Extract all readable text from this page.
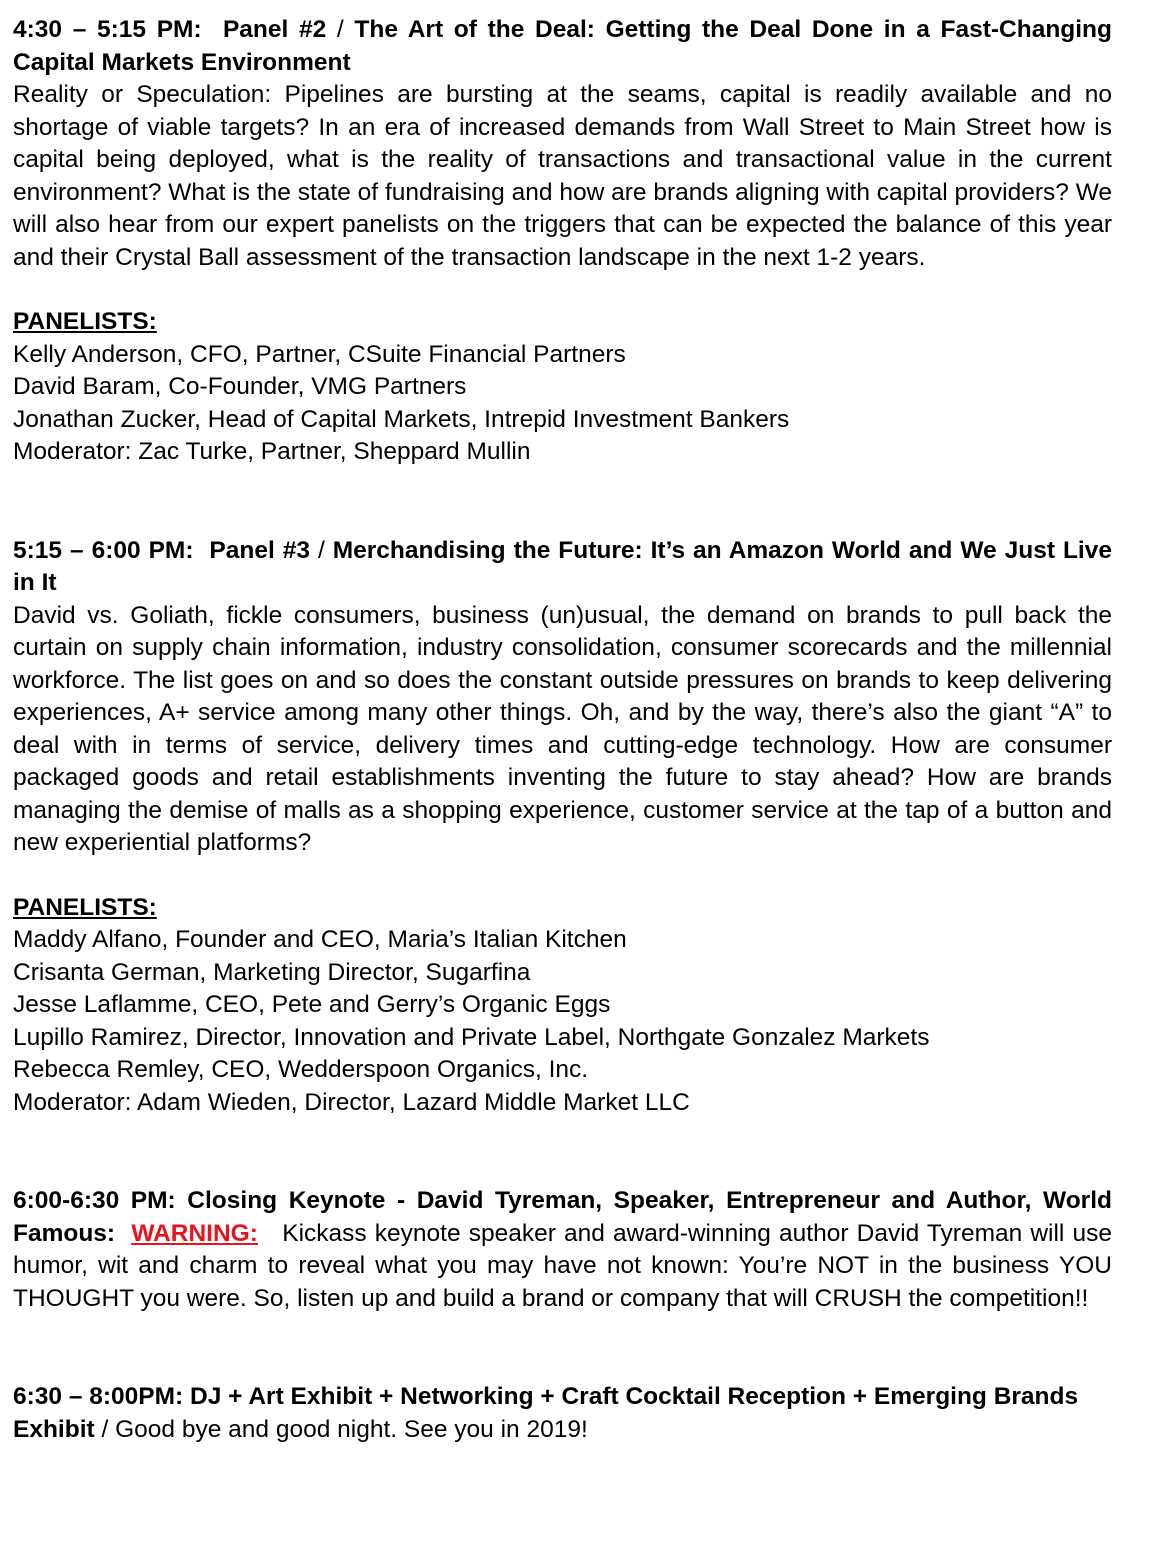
4:30 – 5:15 PM: Panel #2 / The Art of the Deal: Getting the Deal Done in a Fast-Changing Capital Markets Environment

Reality or Speculation: Pipelines are bursting at the seams, capital is readily available and no shortage of viable targets? In an era of increased demands from Wall Street to Main Street how is capital being deployed, what is the reality of transactions and transactional value in the current environment? What is the state of fundraising and how are brands aligning with capital providers? We will also hear from our expert panelists on the triggers that can be expected the balance of this year and their Crystal Ball assessment of the transaction landscape in the next 1-2 years.

PANELISTS:

Kelly Anderson, CFO, Partner, CSuite Financial Partners

David Baram, Co-Founder, VMG Partners

Jonathan Zucker, Head of Capital Markets, Intrepid Investment Bankers

Moderator: Zac Turke, Partner, Sheppard Mullin

5:15 – 6:00 PM: Panel #3 / Merchandising the Future: It’s an Amazon World and We Just Live in It

David vs. Goliath, fickle consumers, business (un)usual, the demand on brands to pull back the curtain on supply chain information, industry consolidation, consumer scorecards and the millennial workforce. The list goes on and so does the constant outside pressures on brands to keep delivering experiences, A+ service among many other things. Oh, and by the way, there’s also the giant “A” to deal with in terms of service, delivery times and cutting-edge technology. How are consumer packaged goods and retail establishments inventing the future to stay ahead? How are brands managing the demise of malls as a shopping experience, customer service at the tap of a button and new experiential platforms?

PANELISTS:

Maddy Alfano, Founder and CEO, Maria’s Italian Kitchen

Crisanta German, Marketing Director, Sugarfina

Jesse Laflamme, CEO, Pete and Gerry’s Organic Eggs

Lupillo Ramirez, Director, Innovation and Private Label, Northgate Gonzalez Markets

Rebecca Remley, CEO, Wedderspoon Organics, Inc.

Moderator: Adam Wieden, Director, Lazard Middle Market LLC

6:00-6:30 PM: Closing Keynote - David Tyreman, Speaker, Entrepreneur and Author, World Famous: WARNING: Kickass keynote speaker and award-winning author David Tyreman will use humor, wit and charm to reveal what you may have not known: You’re NOT in the business YOU THOUGHT you were. So, listen up and build a brand or company that will CRUSH the competition!!

6:30 – 8:00PM: DJ + Art Exhibit + Networking + Craft Cocktail Reception + Emerging Brands Exhibit / Good bye and good night. See you in 2019!
